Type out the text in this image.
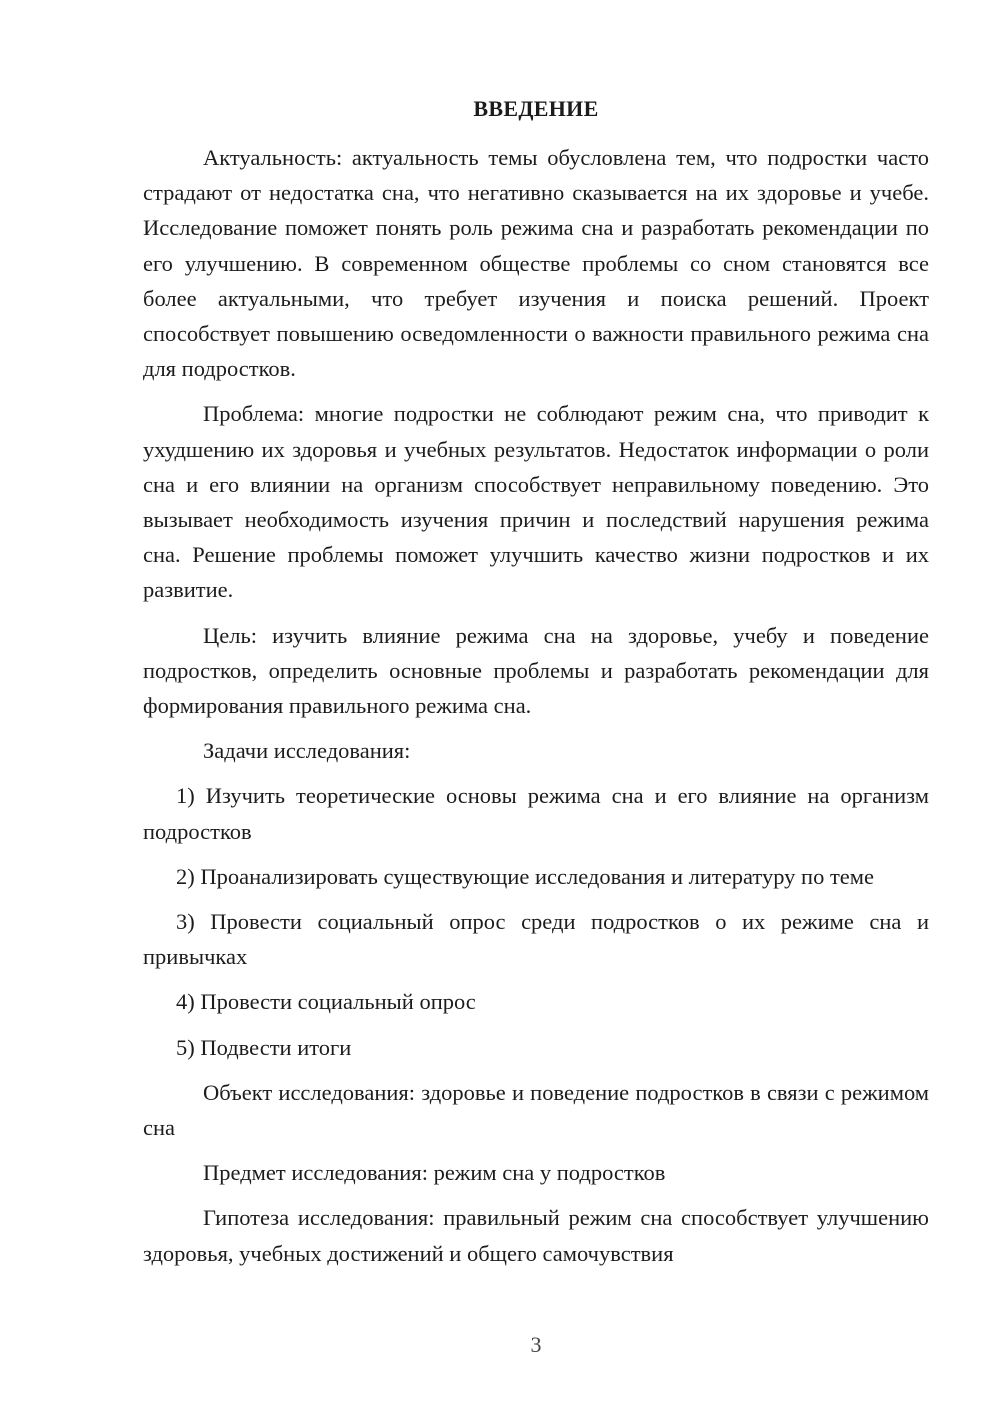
ВВЕДЕНИЕ

Актуальность: актуальность темы обусловлена тем, что подростки часто страдают от недостатка сна, что негативно сказывается на их здоровье и учебе. Исследование поможет понять роль режима сна и разработать рекомендации по его улучшению. В современном обществе проблемы со сном становятся все более актуальными, что требует изучения и поиска решений. Проект способствует повышению осведомленности о важности правильного режима сна для подростков.

Проблема: многие подростки не соблюдают режим сна, что приводит к ухудшению их здоровья и учебных результатов. Недостаток информации о роли сна и его влиянии на организм способствует неправильному поведению. Это вызывает необходимость изучения причин и последствий нарушения режима сна. Решение проблемы поможет улучшить качество жизни подростков и их развитие.

Цель: изучить влияние режима сна на здоровье, учебу и поведение подростков, определить основные проблемы и разработать рекомендации для формирования правильного режима сна.

Задачи исследования:

1) Изучить теоретические основы режима сна и его влияние на организм подростков

2) Проанализировать существующие исследования и литературу по теме

3) Провести социальный опрос среди подростков о их режиме сна и привычках

4) Провести социальный опрос

5) Подвести итоги

Объект исследования: здоровье и поведение подростков в связи с режимом сна

Предмет исследования: режим сна у подростков

Гипотеза исследования: правильный режим сна способствует улучшению здоровья, учебных достижений и общего самочувствия

3
